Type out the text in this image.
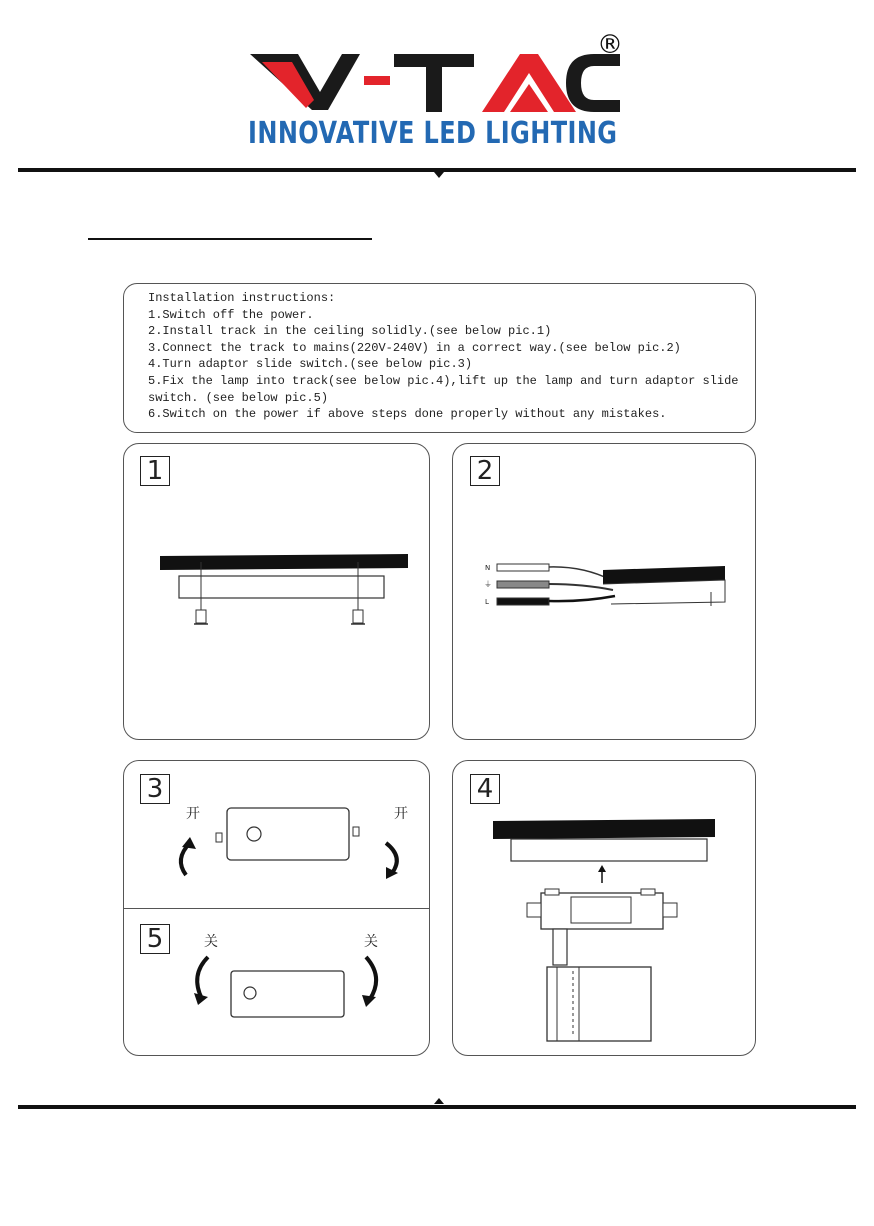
®
INNOVATIVE LED LIGHTING
Installation instructions:
1.Switch off the power.
2.Install track in the ceiling solidly.(see below pic.1)
3.Connect the track to mains(220V-240V) in a correct way.(see below pic.2)
4.Turn adaptor slide switch.(see below pic.3)
5.Fix the lamp into track(see below pic.4),lift up the lamp and turn adaptor slide
switch. (see below pic.5)
6.Switch on the power if above steps done properly without any mistakes.
1	2
N
⏚
L
3
开	开
5	关	关
4
